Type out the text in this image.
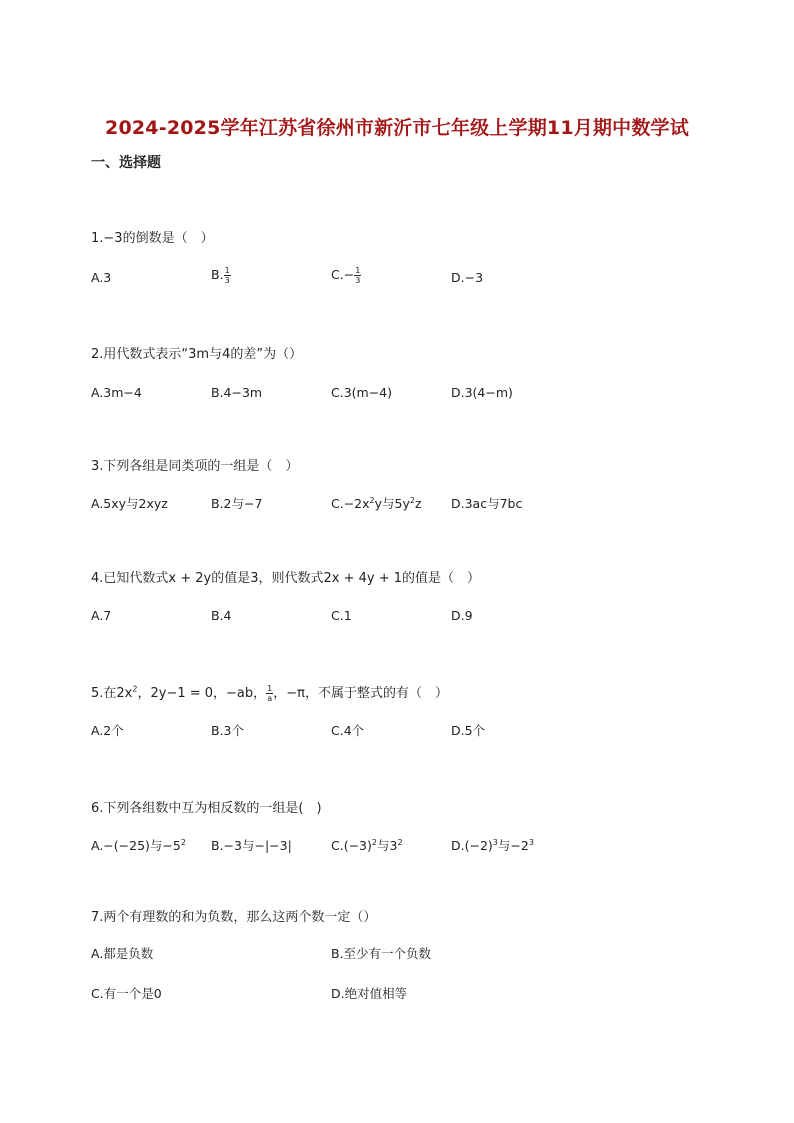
2024-2025学年江苏省徐州市新沂市七年级上学期11月期中数学试
一、选择题
1.−3的倒数是（　）
A.3	B. $\frac{1}{3}$	$C.- \frac{1}{3}$	D.−3
2.用代数式表示“3m与4的差”为（）
A.3m−4	B.4−3m	C.3(m−4)	D.3(4−m)
3.下列各组是同类项的一组是（　）
A.5xy与2xyz	B.2与−7	$C.-2x^2y$与$5y^2z$ D.3ac与7bc
4.已知代数式x + 2y的值是3，则代数式2x + 4y + 1的值是（　）
A.7	B.4	C.1	D.9
5.在$2x^2$，2y−1 = 0，−ab， $\frac{1}{a}$ ，−π，不属于整式的有（　）
A.2个	B.3个	C.4个	D.5个
6.下列各组数中互为相反数的一组是(　)
A.−(−25)与$-5^2$ B.−3与−|−3|	$C.(-3)^2$与$3^2$	$D.(-2)^3$与$-2^3$
7.两个有理数的和为负数，那么这两个数一定（）
A.都是负数	B.至少有一个负数
C.有一个是0	D.绝对值相等
